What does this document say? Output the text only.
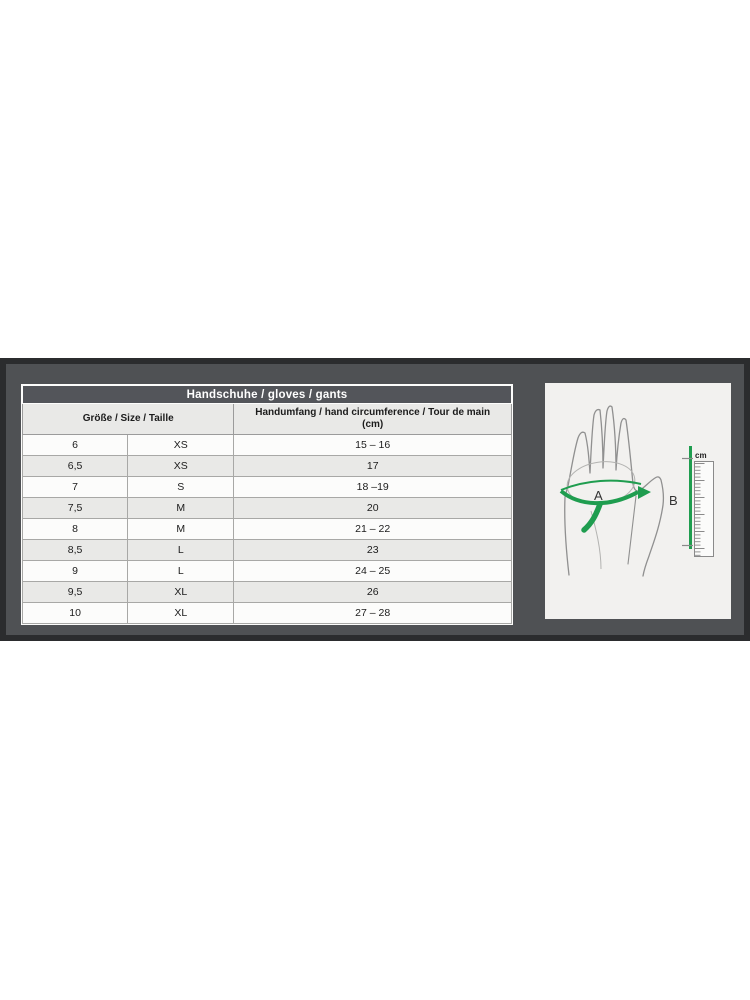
Handschuhe / gloves / gants		
Größe / Size / Taille		Handumfang / hand circumference / Tour de main
(cm)

6	XS	15 – 16
6,5	XS	17
7	S	18 –19
7,5	M	20
8	M	21 – 22
8,5	L	23
9	L	24 – 25
9,5	XL	26
10	XL	27 – 28
A	B
cm
